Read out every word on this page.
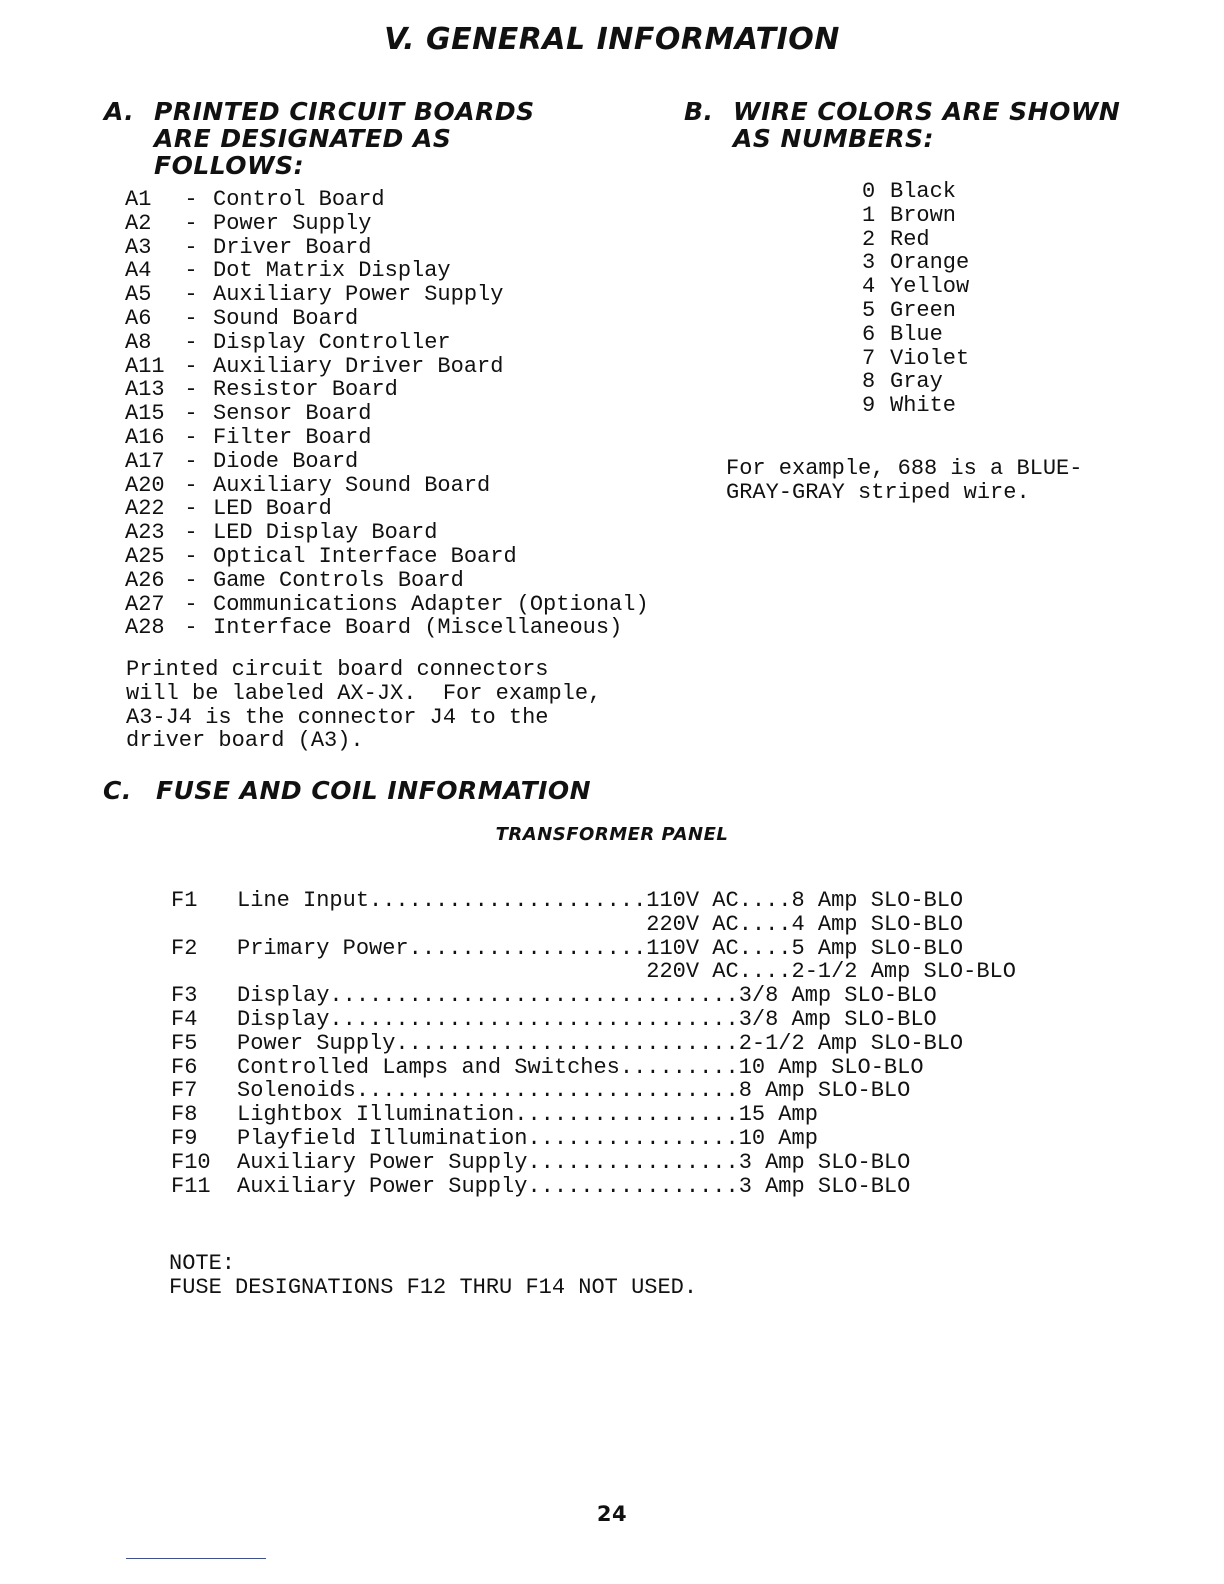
V. GENERAL INFORMATION
A. PRINTED CIRCUIT BOARDS ARE DESIGNATED AS FOLLOWS:
A1 - Control Board
A2 - Power Supply
A3 - Driver Board
A4 - Dot Matrix Display
A5 - Auxiliary Power Supply
A6 - Sound Board
A8 - Display Controller
A11 - Auxiliary Driver Board
A13 - Resistor Board
A15 - Sensor Board
A16 - Filter Board
A17 - Diode Board
A20 - Auxiliary Sound Board
A22 - LED Board
A23 - LED Display Board
A25 - Optical Interface Board
A26 - Game Controls Board
A27 - Communications Adapter (Optional)
A28 - Interface Board (Miscellaneous)
Printed circuit board connectors
will be labeled AX-JX.  For example,
A3-J4 is the connector J4 to the
driver board (A3).
B. WIRE COLORS ARE SHOWN AS NUMBERS:
0 Black
1 Brown
2 Red
3 Orange
4 Yellow
5 Green
6 Blue
7 Violet
8 Gray
9 White
For example, 688 is a BLUE-
GRAY-GRAY striped wire.
C. FUSE AND COIL INFORMATION
TRANSFORMER PANEL
F1   Line Input.....................110V AC....8 Amp SLO-BLO
220V AC....4 Amp SLO-BLO
F2   Primary Power..................110V AC....5 Amp SLO-BLO
220V AC....2-1/2 Amp SLO-BLO
F3   Display...............................3/8 Amp SLO-BLO
F4   Display...............................3/8 Amp SLO-BLO
F5   Power Supply..........................2-1/2 Amp SLO-BLO
F6   Controlled Lamps and Switches.........10 Amp SLO-BLO
F7   Solenoids.............................8 Amp SLO-BLO
F8   Lightbox Illumination.................15 Amp
F9   Playfield Illumination................10 Amp
F10  Auxiliary Power Supply................3 Amp SLO-BLO
F11  Auxiliary Power Supply................3 Amp SLO-BLO
NOTE:
FUSE DESIGNATIONS F12 THRU F14 NOT USED.
24
